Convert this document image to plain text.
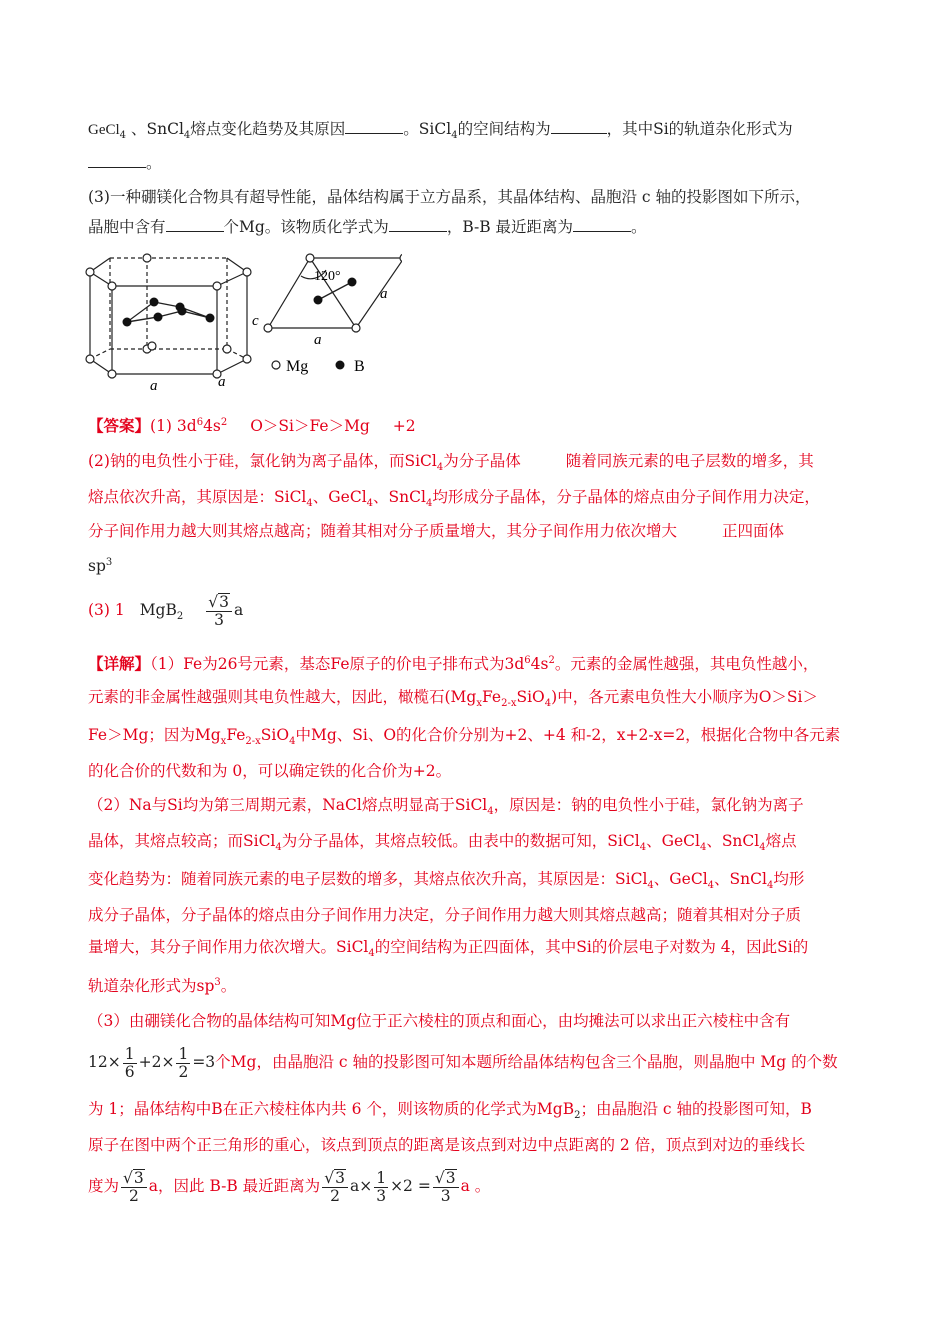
GeCl$_4$ 、SnCl$_4$熔点变化趋势及其原因	。SiCl$_4$的空间结构为	，其中Si的轨道杂化形式为
。
(3)一种硼镁化合物具有超导性能，晶体结构属于立方晶系，其晶体结构、晶胞沿 c 轴的投影图如下所示，
晶胞中含有	个Mg。该物质化学式为	，B-B 最近距离为	。
a	a
c
120°
a
a
Mg	B
【答案】(1) $3d^64s^2$ O＞Si＞Fe＞Mg +2
(2)钠的电负性小于硅，氯化钠为离子晶体，而SiCl$_4$为分子晶体	随着同族元素的电子层数的增多，其
熔点依次升高，其原因是：SiCl$_4$、GeCl$_4$、SnCl$_4$均形成分子晶体，分子晶体的熔点由分子间作用力决定，
分子间作用力越大则其熔点越高；随着其相对分子质量增大，其分子间作用力依次增大	正四面体
$sp^3$
(3) 1 $MgB_2 \frac{√3}{3}$ a
【详解】（1）Fe为26号元素，基态Fe原子的价电子排布式为$3d^64s^2$。元素的金属性越强，其电负性越小，
元素的非金属性越强则其电负性越大，因此，橄榄石$(Mg_xFe_{2-x}SiO_4)$中，各元素电负性大小顺序为O＞Si＞
Fe＞Mg；因为$Mg_xFe_{2-x}SiO_4$中Mg、Si、O的化合价分别为+2、+4 和-2，x+2-x=2，根据化合物中各元素
的化合价的代数和为 0，可以确定铁的化合价为+2。
（2）Na与Si均为第三周期元素，NaCl熔点明显高于SiCl$_4$，原因是：钠的电负性小于硅，氯化钠为离子
晶体，其熔点较高；而SiCl$_4$为分子晶体，其熔点较低。由表中的数据可知，SiCl$_4$、GeCl$_4$、SnCl$_4$熔点
变化趋势为：随着同族元素的电子层数的增多，其熔点依次升高，其原因是：SiCl$_4$、GeCl$_4$、SnCl$_4$均形
成分子晶体，分子晶体的熔点由分子间作用力决定，分子间作用力越大则其熔点越高；随着其相对分子质
量增大，其分子间作用力依次增大。SiCl$_4$的空间结构为正四面体，其中Si的价层电子对数为 4，因此Si的
轨道杂化形式为$sp^3$。
（3）由硼镁化合物的晶体结构可知Mg位于正六棱柱的顶点和面心，由均摊法可以求出正六棱柱中含有
$12\times \frac{1}{6} +2\times \frac{1}{2} =3$个Mg，由晶胞沿 c 轴的投影图可知本题所给晶体结构包含三个晶胞，则晶胞中 Mg 的个数
为 1；晶体结构中B在正六棱柱体内共 6 个，则该物质的化学式为MgB$_2$；由晶胞沿 c 轴的投影图可知，B
原子在图中两个正三角形的重心，该点到顶点的距离是该点到对边中点距离的 2 倍，顶点到对边的垂线长
度为 $\frac{√3}{2}$ a，因此 B-B 最近距离为 $\frac{√3}{2} a\times \frac{1}{3} \times 2 = \frac{√3}{3}$ a 。
